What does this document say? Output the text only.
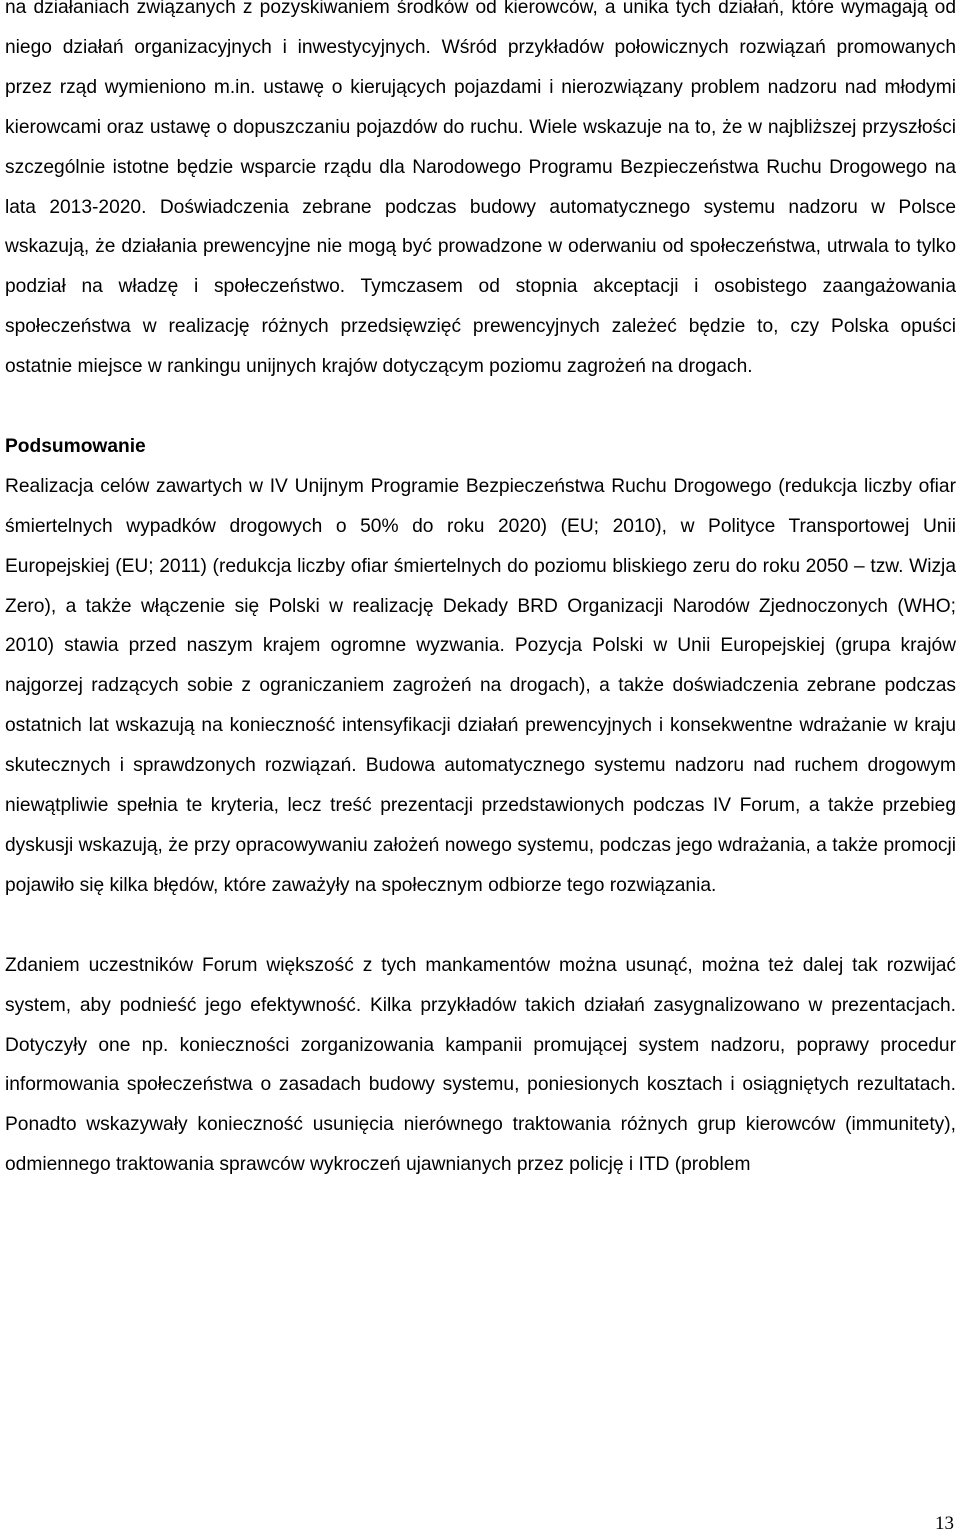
na działaniach związanych z pozyskiwaniem środków od kierowców, a unika tych działań, które wymagają od niego działań organizacyjnych i inwestycyjnych. Wśród przykładów połowicznych rozwiązań promowanych przez rząd wymieniono m.in. ustawę o kierujących pojazdami i nierozwiązany problem nadzoru nad młodymi kierowcami oraz ustawę o dopuszczaniu pojazdów do ruchu. Wiele wskazuje na to, że w najbliższej przyszłości szczególnie istotne będzie wsparcie rządu dla Narodowego Programu Bezpieczeństwa Ruchu Drogowego na lata 2013-2020. Doświadczenia zebrane podczas budowy automatycznego systemu nadzoru w Polsce wskazują, że działania prewencyjne nie mogą być prowadzone w oderwaniu od społeczeństwa, utrwala to tylko podział na władzę i społeczeństwo. Tymczasem od stopnia akceptacji i osobistego zaangażowania społeczeństwa w realizację różnych przedsięwzięć prewencyjnych zależeć będzie to, czy Polska opuści ostatnie miejsce w rankingu unijnych krajów dotyczącym poziomu zagrożeń na drogach.

Podsumowanie

Realizacja celów zawartych w IV Unijnym Programie Bezpieczeństwa Ruchu Drogowego (redukcja liczby ofiar śmiertelnych wypadków drogowych o 50% do roku 2020) (EU; 2010), w Polityce Transportowej Unii Europejskiej (EU; 2011) (redukcja liczby ofiar śmiertelnych do poziomu bliskiego zeru do roku 2050 – tzw. Wizja Zero), a także włączenie się Polski w realizację Dekady BRD Organizacji Narodów Zjednoczonych (WHO; 2010) stawia przed naszym krajem ogromne wyzwania. Pozycja Polski w Unii Europejskiej (grupa krajów najgorzej radzących sobie z ograniczaniem zagrożeń na drogach), a także doświadczenia zebrane podczas ostatnich lat wskazują na konieczność intensyfikacji działań prewencyjnych i konsekwentne wdrażanie w kraju skutecznych i sprawdzonych rozwiązań. Budowa automatycznego systemu nadzoru nad ruchem drogowym niewątpliwie spełnia te kryteria, lecz treść prezentacji przedstawionych podczas IV Forum, a także przebieg dyskusji wskazują, że przy opracowywaniu założeń nowego systemu, podczas jego wdrażania, a także promocji pojawiło się kilka błędów, które zaważyły na społecznym odbiorze tego rozwiązania.

Zdaniem uczestników Forum większość z tych mankamentów można usunąć, można też dalej tak rozwijać system, aby podnieść jego efektywność. Kilka przykładów takich działań zasygnalizowano w prezentacjach. Dotyczyły one np. konieczności zorganizowania kampanii promującej system nadzoru, poprawy procedur informowania społeczeństwa o zasadach budowy systemu, poniesionych kosztach i osiągniętych rezultatach. Ponadto wskazywały konieczność usunięcia nierównego traktowania różnych grup kierowców (immunitety), odmiennego traktowania sprawców wykroczeń ujawnianych przez policję i ITD (problem

13
